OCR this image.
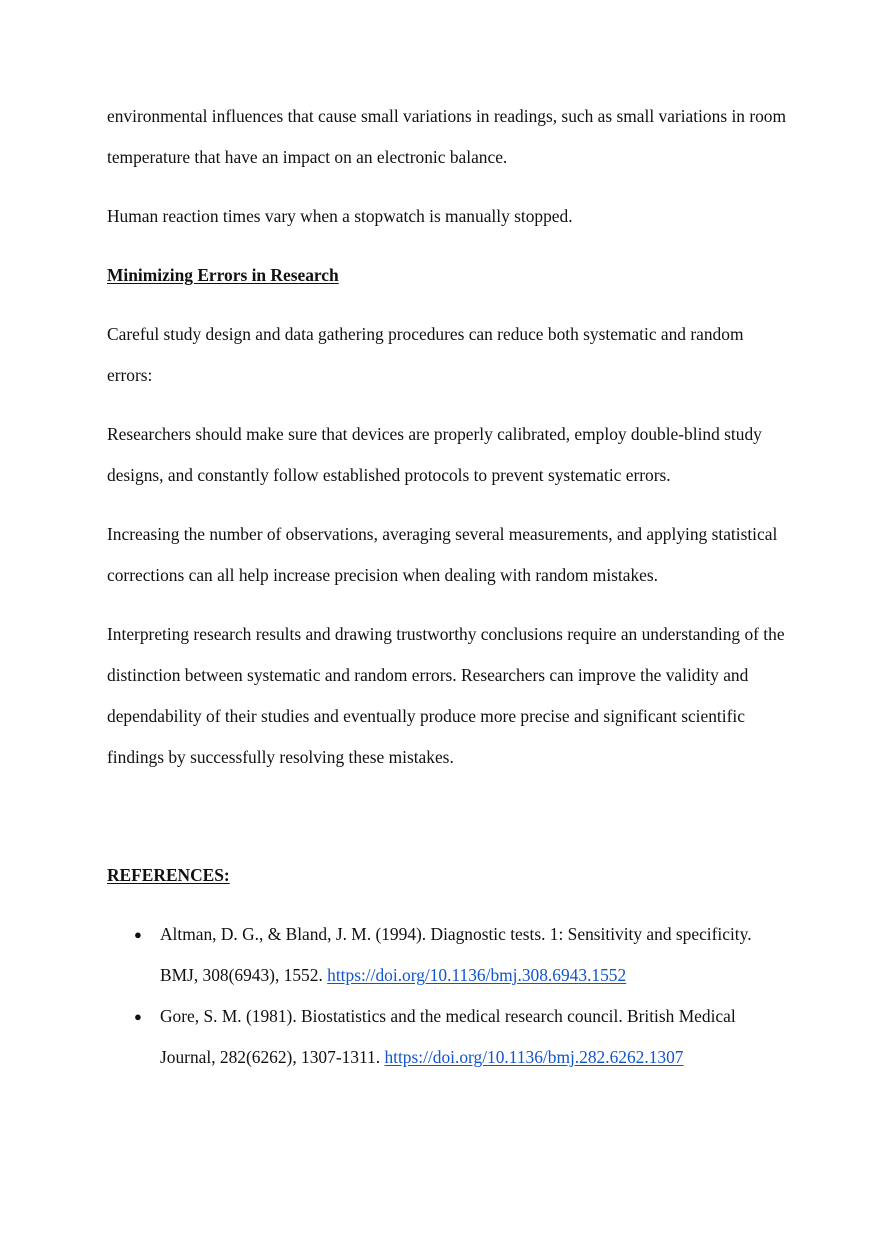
environmental influences that cause small variations in readings, such as small variations in room temperature that have an impact on an electronic balance.

Human reaction times vary when a stopwatch is manually stopped.

Minimizing Errors in Research

Careful study design and data gathering procedures can reduce both systematic and random errors:

Researchers should make sure that devices are properly calibrated, employ double-blind study designs, and constantly follow established protocols to prevent systematic errors.

Increasing the number of observations, averaging several measurements, and applying statistical corrections can all help increase precision when dealing with random mistakes.

Interpreting research results and drawing trustworthy conclusions require an understanding of the distinction between systematic and random errors. Researchers can improve the validity and dependability of their studies and eventually produce more precise and significant scientific findings by successfully resolving these mistakes.

REFERENCES:

● Altman, D. G., & Bland, J. M. (1994). Diagnostic tests. 1: Sensitivity and specificity. BMJ, 308(6943), 1552. https://doi.org/10.1136/bmj.308.6943.1552
● Gore, S. M. (1981). Biostatistics and the medical research council. British Medical Journal, 282(6262), 1307-1311. https://doi.org/10.1136/bmj.282.6262.1307
